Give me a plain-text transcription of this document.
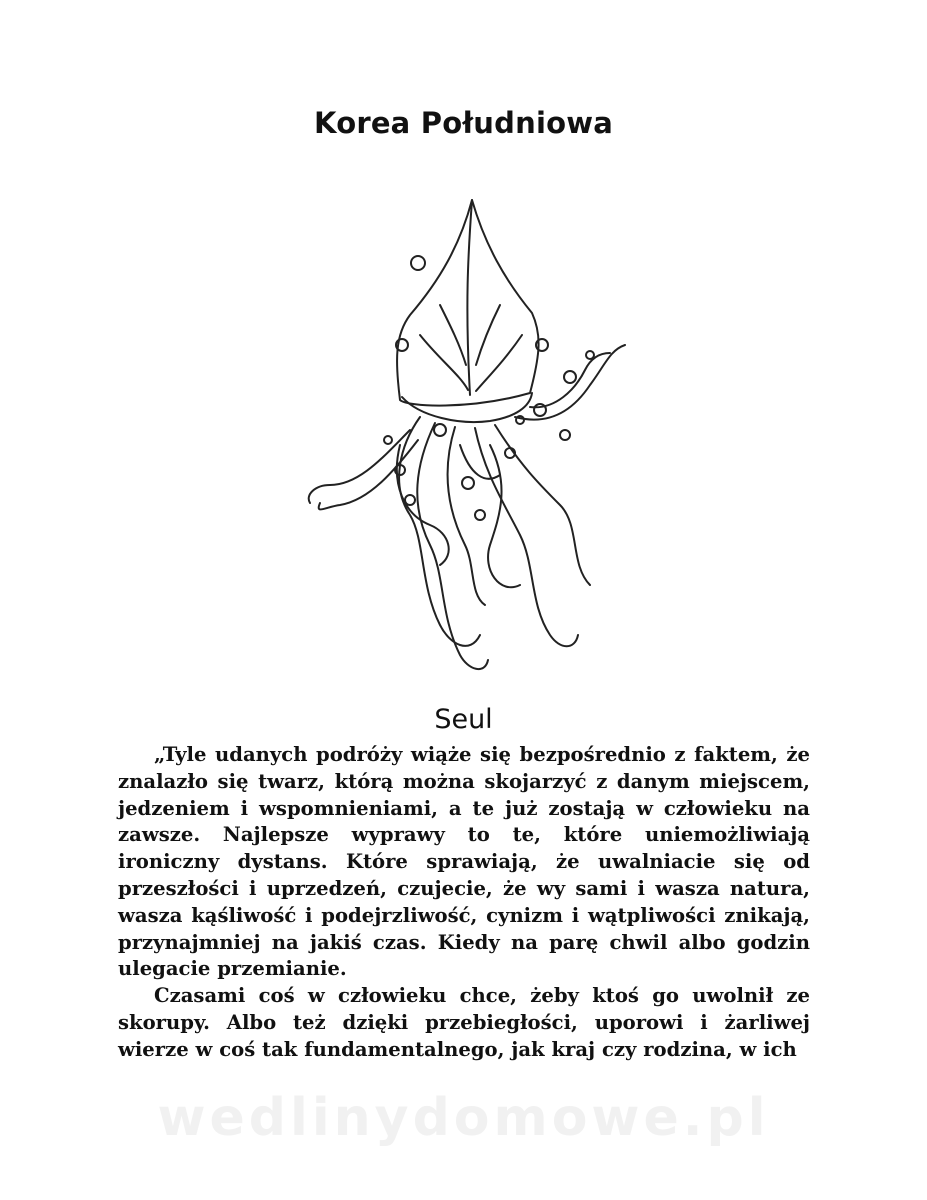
Korea Południowa
Seul

„Tyle udanych podróży wiąże się bezpośrednio z faktem, że znalazło się twarz, którą można skojarzyć z danym miejscem, jedzeniem i wspomnieniami, a te już zostają w człowieku na zawsze. Najlepsze wyprawy to te, które uniemożliwiają ironiczny dystans. Które sprawiają, że uwalniacie się od przeszłości i uprzedzeń, czujecie, że wy sami i wasza natura, wasza kąśliwość i podejrzliwość, cynizm i wątpliwości znikają, przynajmniej na jakiś czas. Kiedy na parę chwil albo godzin ulegacie przemianie.

Czasami coś w człowieku chce, żeby ktoś go uwolnił ze skorupy. Albo też dzięki przebiegłości, uporowi i żarliwej wierze w coś tak fundamentalnego, jak kraj czy rodzina, w ich

wedlinydomowe.pl
